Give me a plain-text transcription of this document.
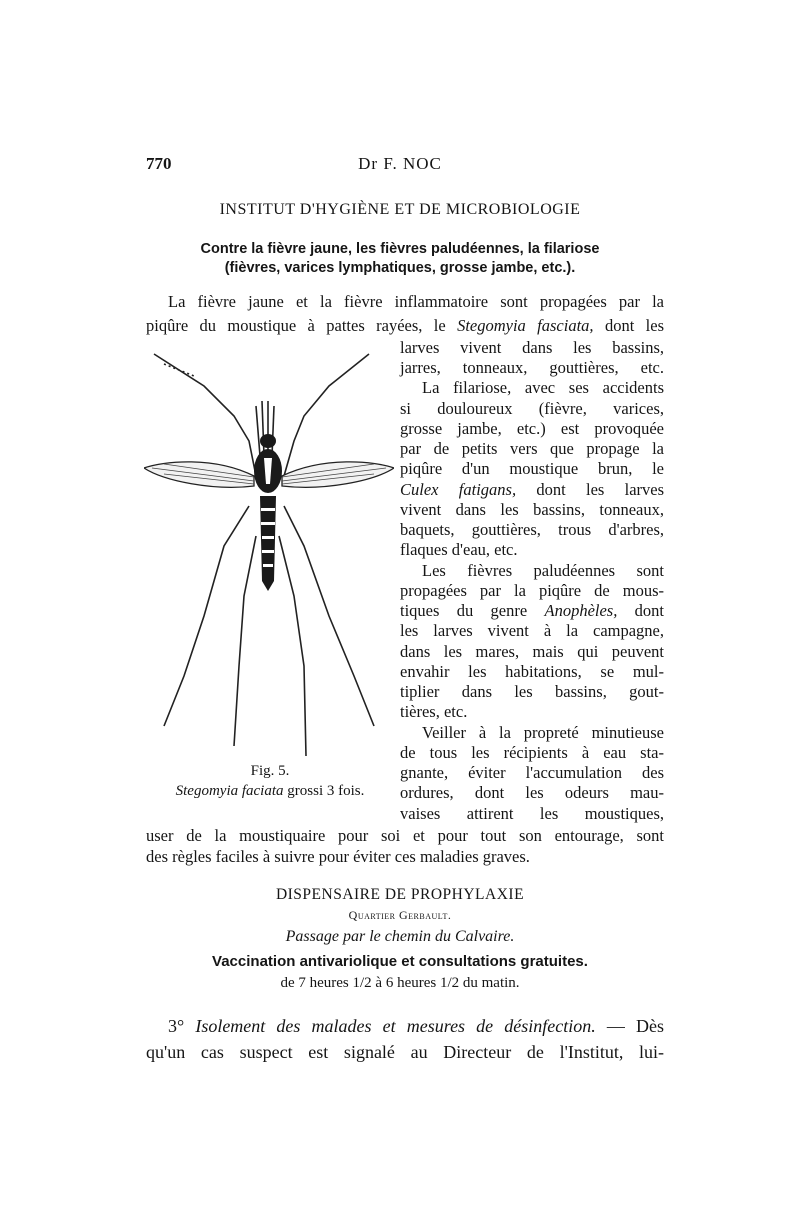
770	Dr F. NOC
INSTITUT D'HYGIÈNE ET DE MICROBIOLOGIE
Contre la fièvre jaune, les fièvres paludéennes, la filariose
(fièvres, varices lymphatiques, grosse jambe, etc.).
La fièvre jaune et la fièvre inflammatoire sont propagées par la
piqûre du moustique à pattes rayées, le Stegomyia fasciata, dont les
Fig. 5.
Stegomyia faciata grossi 3 fois.
larves vivent dans les bassins,
jarres, tonneaux, gouttières, etc.
La filariose, avec ses accidents
si douloureux (fièvre, varices,
grosse jambe, etc.) est provoquée
par de petits vers que propage la
piqûre d'un moustique brun, le
Culex fatigans, dont les larves
vivent dans les bassins, tonneaux,
baquets, gouttières, trous d'arbres,
flaques d'eau, etc.
Les fièvres paludéennes sont
propagées par la piqûre de mous-
tiques du genre Anophèles, dont
les larves vivent à la campagne,
dans les mares, mais qui peuvent
envahir les habitations, se mul-
tiplier dans les bassins, gout-
tières, etc.
Veiller à la propreté minutieuse
de tous les récipients à eau sta-
gnante, éviter l'accumulation des
ordures, dont les odeurs mau-
vaises attirent les moustiques,
user de la moustiquaire pour soi et pour tout son entourage, sont
des règles faciles à suivre pour éviter ces maladies graves.
DISPENSAIRE DE PROPHYLAXIE
Quartier Gerbault.
Passage par le chemin du Calvaire.
Vaccination antivariolique et consultations gratuites.
de 7 heures 1/2 à 6 heures 1/2 du matin.
3° Isolement des malades et mesures de désinfection. — Dès
qu'un cas suspect est signalé au Directeur de l'Institut, lui-
